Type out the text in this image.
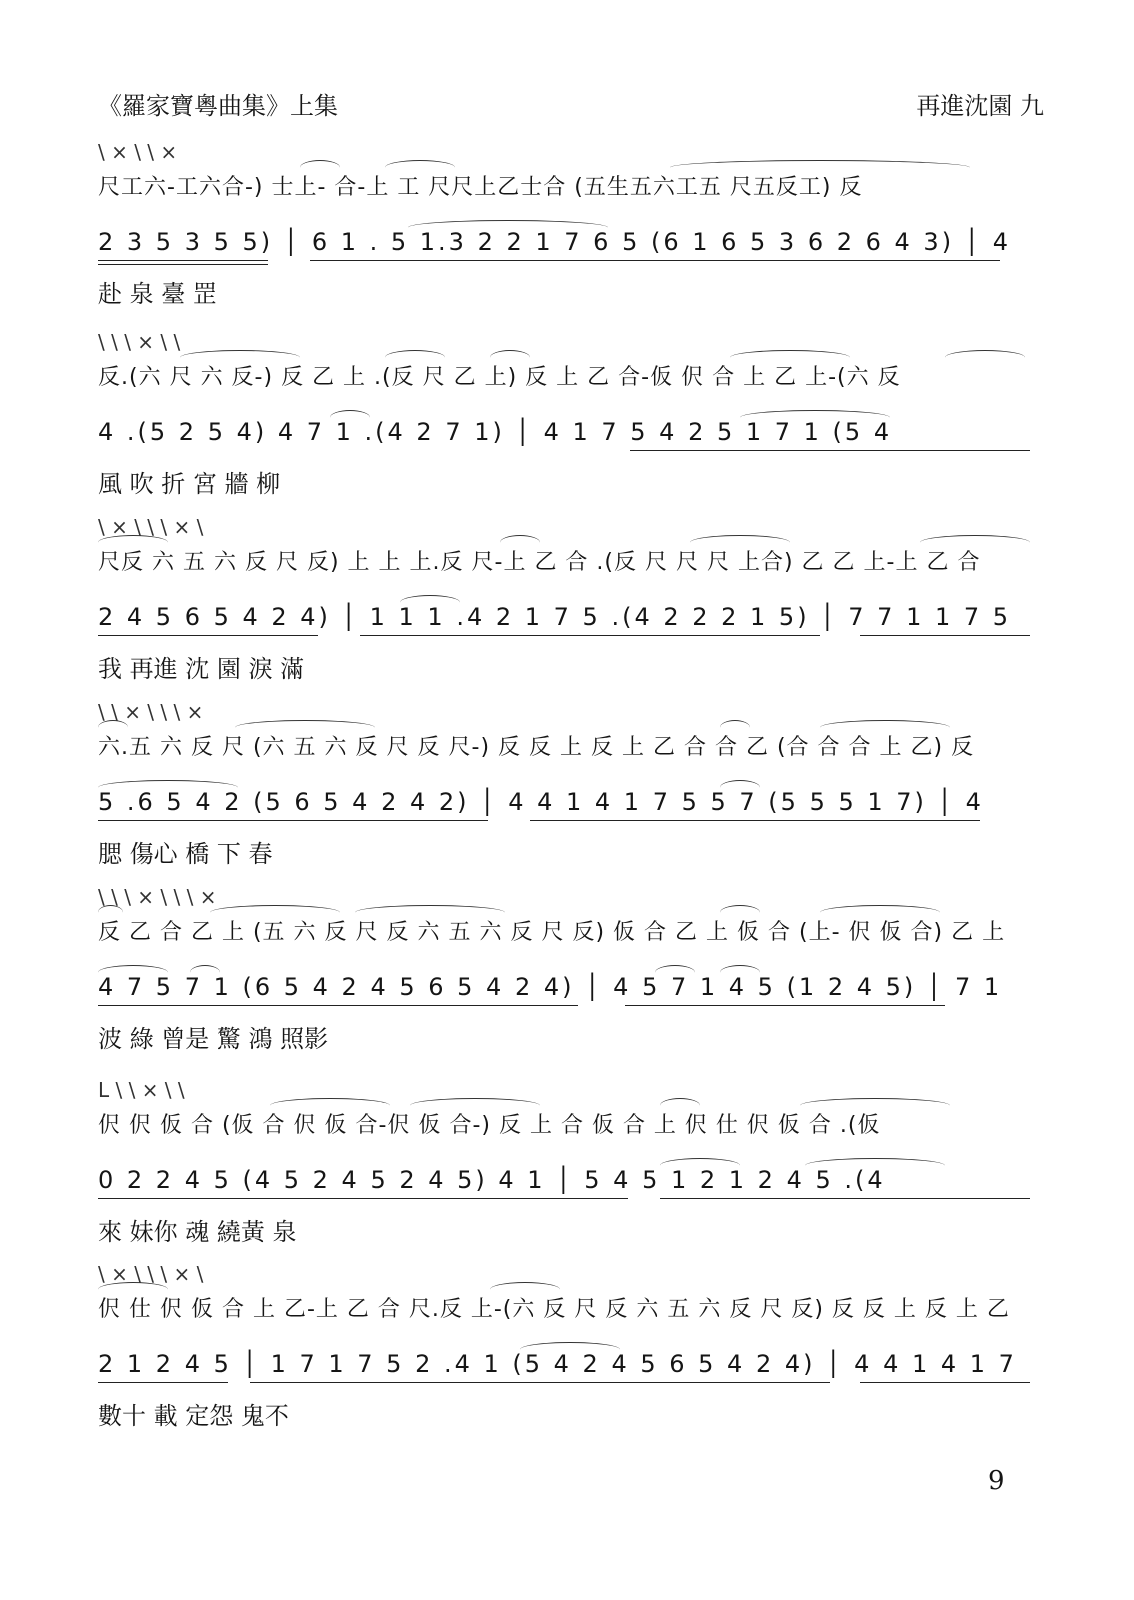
《羅家寶粵曲集》上集	再進沈園 九
\ × \ \ ×
尺工六-工六合-) 士上- 合-上 工 尺尺上乙士合 (五生五六工五 尺五反工) 反
2 3 5 3 5 5) │ 6 1 . 5 1.3 2 2 1 7 6 5 (6 1 6 5 3 6 2 6 4 3) │ 4
赴 泉 臺 罡
\ \ \ × \ \
反.(六 尺 六 反-) 反 乙 上 .(反 尺 乙 上) 反 上 乙 合-仮 伬 合 上 乙 上-(六 反
4 .(5 2 5 4) 4 7 1 .(4 2 7 1) │ 4 1 7 5 4 2 5 1 7 1 (5 4
風 吹 折 宮 牆 柳
\ × \ \ \ × \
尺反 六 五 六 反 尺 反) 上 上 上.反 尺-上 乙 合 .(反 尺 尺 尺 上合) 乙 乙 上-上 乙 合
2 4 5 6 5 4 2 4) │ 1 1 1 .4 2 1 7 5 .(4 2 2 2 1 5) │ 7 7 1 1 7 5
我 再進 沈 園 淚 滿
\ \ × \ \ \ ×
六.五 六 反 尺 (六 五 六 反 尺 反 尺-) 反 反 上 反 上 乙 合 合 乙 (合 合 合 上 乙) 反
5 .6 5 4 2 (5 6 5 4 2 4 2) │ 4 4 1 4 1 7 5 5 7 (5 5 5 1 7) │ 4
腮 傷心 橋 下 春
\ \ \ × \ \ \ ×
反 乙 合 乙 上 (五 六 反 尺 反 六 五 六 反 尺 反) 仮 合 乙 上 仮 合 (上- 伬 仮 合) 乙 上
4 7 5 7 1 (6 5 4 2 4 5 6 5 4 2 4) │ 4 5 7 1 4 5 (1 2 4 5) │ 7 1
波 綠 曾是 驚 鴻 照影
L \ \ × \ \
伬 伬 仮 合 (仮 合 伬 仮 合-伬 仮 合-) 反 上 合 仮 合 上 伬 仕 伬 仮 合 .(仮
0 2 2 4 5 (4 5 2 4 5 2 4 5) 4 1 │ 5 4 5 1 2 1 2 4 5 .(4
來 妹你 魂 繞黃 泉
\ × \ \ \ × \
伬 仕 伬 仮 合 上 乙-上 乙 合 尺.反 上-(六 反 尺 反 六 五 六 反 尺 反) 反 反 上 反 上 乙
2 1 2 4 5 │ 1 7 1 7 5 2 .4 1 (5 4 2 4 5 6 5 4 2 4) │ 4 4 1 4 1 7
數十 載 定怨 鬼不
9
